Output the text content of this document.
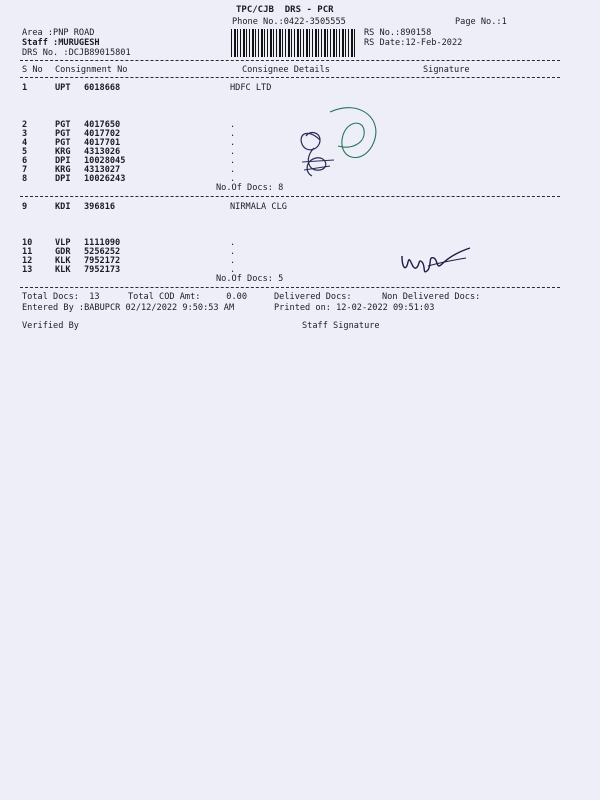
TPC/CJB  DRS - PCR
Phone No.:0422-3505555	Page No.:1
Area :PNP ROAD
Staff :MURUGESH
DRS No. :DCJB89015801
RS No.:890158
RS Date:12-Feb-2022
S No Consignment No	Consignee Details	Signature
1	UPT 6018668	HDFC LTD
2	PGT 4017650	.
3	PGT 4017702	.
4	PGT 4017701	.
5	KRG 4313026	.
6	DPI 10028045	.
7	KRG 4313027	.
8	DPI 10026243	.
No.Of Docs: 8
9	KDI 396816	NIRMALA CLG
10	VLP 1111090	.
11	GDR 5256252	.
12	KLK 7952172	.
13	KLK 7952173	.
No.Of Docs: 5
Total Docs:  13	Total COD Amt:     0.00	Delivered Docs:	Non Delivered Docs:
Entered By :BABUPCR 02/12/2022 9:50:53 AM	Printed on: 12-02-2022 09:51:03
Verified By	Staff Signature
